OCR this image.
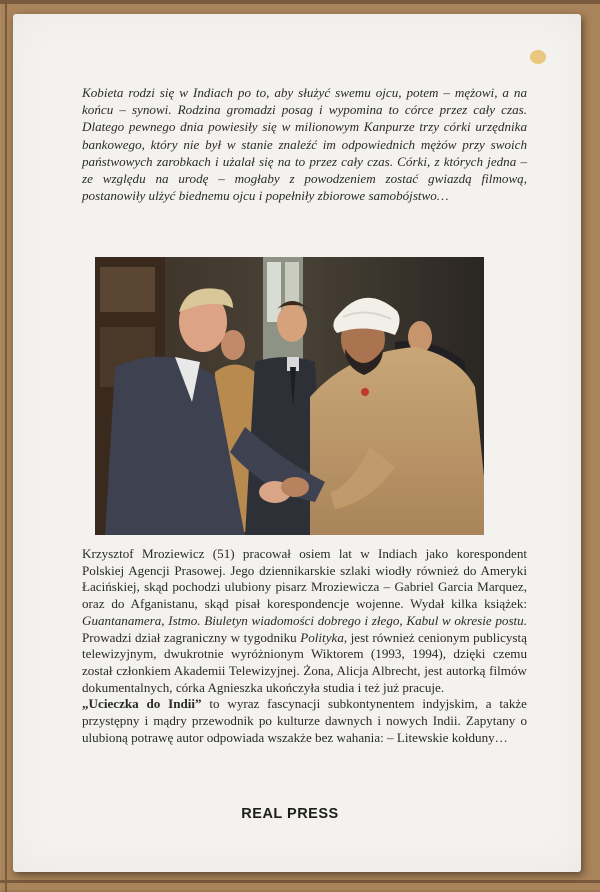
Kobieta rodzi się w Indiach po to, aby służyć swemu ojcu, potem – mężowi, a na końcu – synowi. Rodzina gromadzi posag i wypomina to córce przez cały czas. Dlatego pewnego dnia powiesiły się w milionowym Kanpurze trzy córki urzędnika bankowego, który nie był w stanie znaleźć im odpowiednich mężów przy swoich państwowych zarobkach i użalał się na to przez cały czas. Córki, z których jedna – ze względu na urodę – mogłaby z powodzeniem zostać gwiazdą filmową, postanowiły ulżyć biednemu ojcu i popełniły zbiorowe samobójstwo…

Krzysztof Mroziewicz (51) pracował osiem lat w Indiach jako korespondent Polskiej Agencji Prasowej. Jego dziennikarskie szlaki wiodły również do Ameryki Łacińskiej, skąd pochodzi ulubiony pisarz Mroziewicza – Gabriel Garcia Marquez, oraz do Afganistanu, skąd pisał korespondencje wojenne. Wydał kilka książek: Guantanamera, Istmo. Biuletyn wiadomości dobrego i złego, Kabul w okresie postu. Prowadzi dział zagraniczny w tygodniku Polityka, jest również cenionym publicystą telewizyjnym, dwukrotnie wyróżnionym Wiktorem (1993, 1994), dzięki czemu został członkiem Akademii Telewizyjnej. Żona, Alicja Albrecht, jest autorką filmów dokumentalnych, córka Agnieszka ukończyła studia i też już pracuje.
„Ucieczka do Indii” to wyraz fascynacji subkontynentem indyjskim, a także przystępny i mądry przewodnik po kulturze dawnych i nowych Indii. Zapytany o ulubioną potrawę autor odpowiada wszakże bez wahania: – Litewskie kołduny…

REAL PRESS
